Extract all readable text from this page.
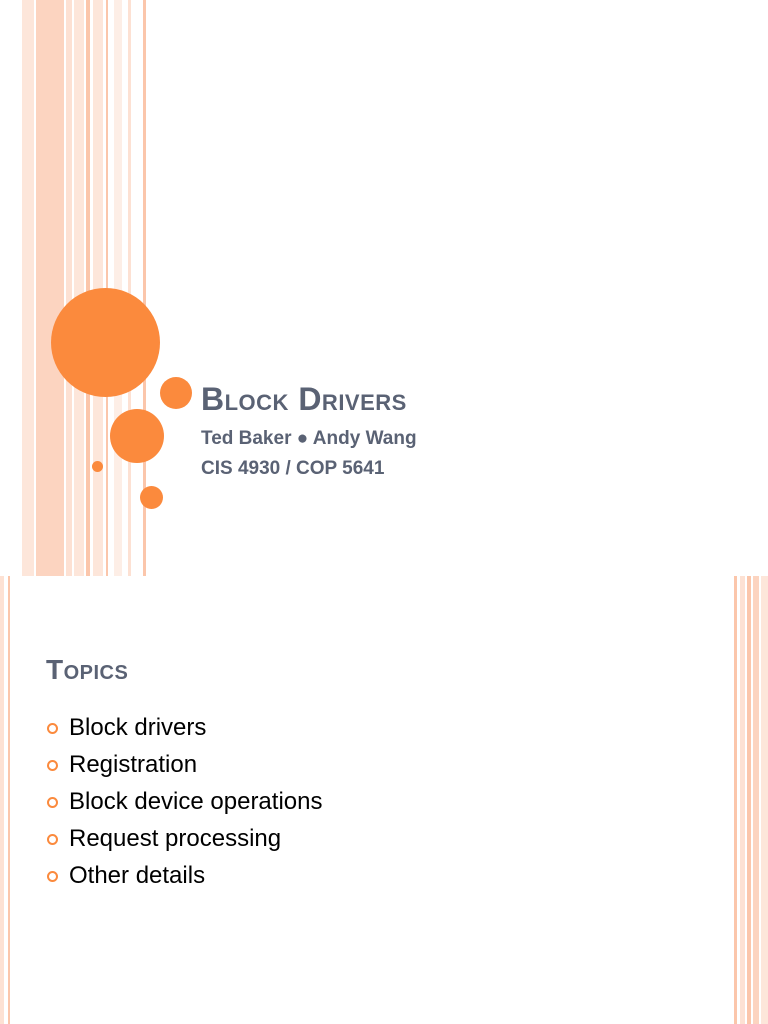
Block Drivers
Ted Baker ● Andy Wang
CIS 4930 / COP 5641
Topics
Block drivers
Registration
Block device operations
Request processing
Other details
